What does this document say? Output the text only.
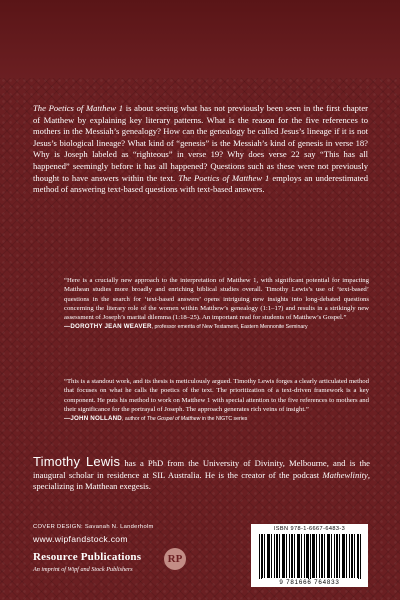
The Poetics of Matthew 1 is about seeing what has not previously been seen in the first chapter of Matthew by explaining key literary patterns. What is the reason for the five references to mothers in the Messiah’s genealogy? How can the genealogy be called Jesus’s lineage if it is not Jesus’s biological lineage? What kind of “genesis” is the Messiah’s kind of genesis in verse 18? Why is Joseph labeled as “righteous” in verse 19? Why does verse 22 say “This has all happened” seemingly before it has all happened? Questions such as these were not previously thought to have answers within the text. The Poetics of Matthew 1 employs an underestimated method of answering text-based questions with text-based answers.

“Here is a crucially new approach to the interpretation of Matthew 1, with significant potential for impacting Matthean studies more broadly and enriching biblical studies overall. Timothy Lewis’s use of ‘text-based’ questions in the search for ‘text-based answers’ opens intriguing new insights into long-debated questions concerning the literary role of the women within Matthew’s genealogy (1:1–17) and results in a strikingly new assessment of Joseph’s marital dilemma (1:18–25). An important read for students of Matthew’s Gospel.”

—DOROTHY JEAN WEAVER, professor emerita of New Testament, Eastern Mennonite Seminary

“This is a standout work, and its thesis is meticulously argued. Timothy Lewis forges a clearly articulated method that focuses on what he calls the poetics of the text. The prioritization of a text-driven framework is a key component. He puts his method to work on Matthew 1 with special attention to the five references to mothers and their significance for the portrayal of Joseph. The approach generates rich veins of insight.”

—JOHN NOLLAND, author of The Gospel of Matthew in the NIGTC series

Timothy Lewis has a PhD from the University of Divinity, Melbourne, and is the inaugural scholar in residence at SIL Australia. He is the creator of the podcast Mathewlinity, specializing in Matthean exegesis.

COVER DESIGN: Savanah N. Landerholm
www.wipfandstock.com
Resource Publications
An imprint of Wipf and Stock Publishers
RP
ISBN 978-1-6667-6483-3
9 781666 764833
